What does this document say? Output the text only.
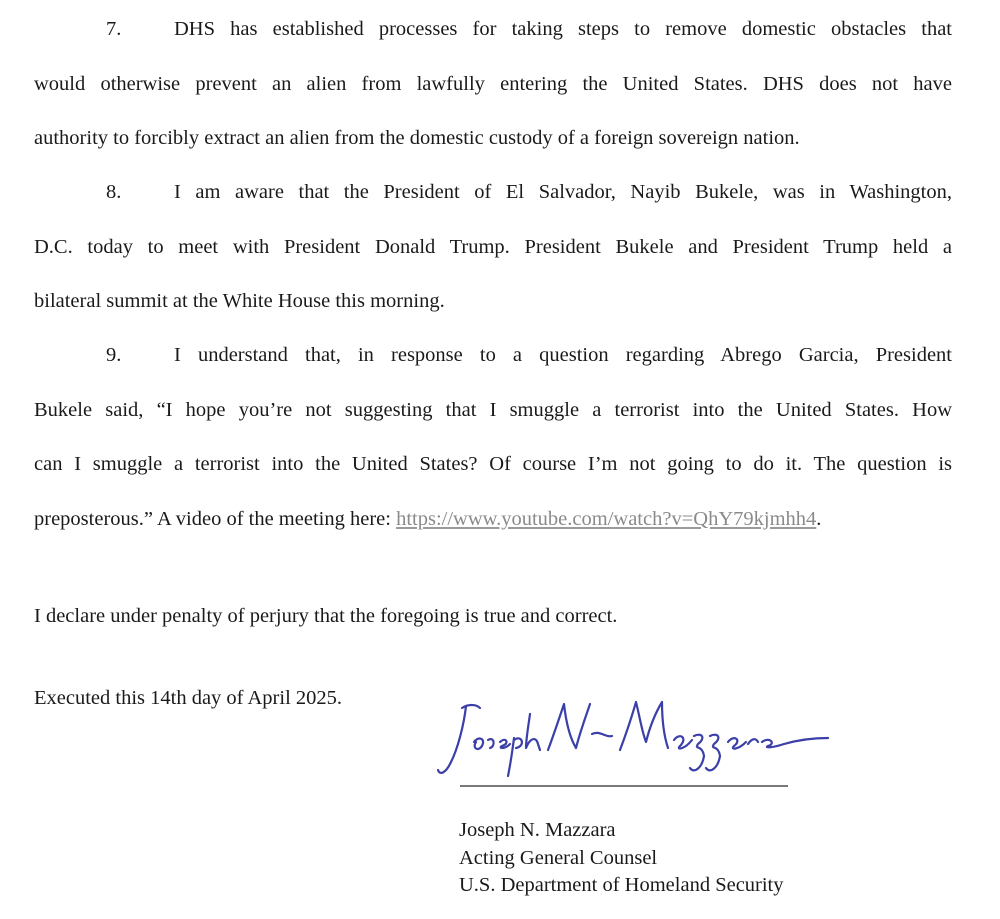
7.	DHS has established processes for taking steps to remove domestic obstacles that
would otherwise prevent an alien from lawfully entering the United States. DHS does not have
authority to forcibly extract an alien from the domestic custody of a foreign sovereign nation.
8.	I am aware that the President of El Salvador, Nayib Bukele, was in Washington,
D.C. today to meet with President Donald Trump. President Bukele and President Trump held a
bilateral summit at the White House this morning.
9.	I understand that, in response to a question regarding Abrego Garcia, President
Bukele said, “I hope you’re not suggesting that I smuggle a terrorist into the United States. How
can I smuggle a terrorist into the United States? Of course I’m not going to do it. The question is
preposterous.” A video of the meeting here: https://www.youtube.com/watch?v=QhY79kjmhh4.

I declare under penalty of perjury that the foregoing is true and correct.

Executed this 14th day of April 2025.

Joseph N. Mazzara
Acting General Counsel
U.S. Department of Homeland Security
